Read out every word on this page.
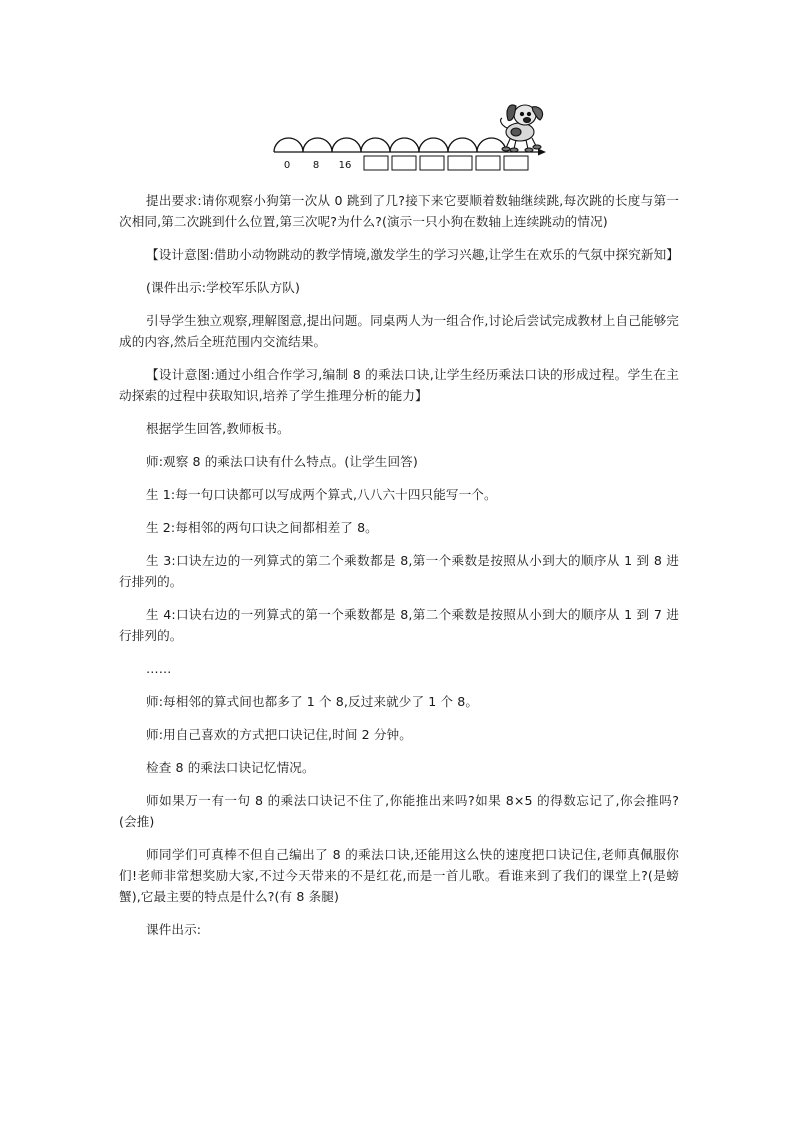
0 8 16

提出要求:请你观察小狗第一次从 0 跳到了几?接下来它要顺着数轴继续跳,每次跳的长度与第一次相同,第二次跳到什么位置,第三次呢?为什么?(演示一只小狗在数轴上连续跳动的情况)

【设计意图:借助小动物跳动的教学情境,激发学生的学习兴趣,让学生在欢乐的气氛中探究新知】

(课件出示:学校军乐队方队)

引导学生独立观察,理解图意,提出问题。同桌两人为一组合作,讨论后尝试完成教材上自己能够完成的内容,然后全班范围内交流结果。

【设计意图:通过小组合作学习,编制 8 的乘法口诀,让学生经历乘法口诀的形成过程。学生在主动探索的过程中获取知识,培养了学生推理分析的能力】

根据学生回答,教师板书。

师:观察 8 的乘法口诀有什么特点。(让学生回答)

生 1:每一句口诀都可以写成两个算式,八八六十四只能写一个。

生 2:每相邻的两句口诀之间都相差了 8。

生 3:口诀左边的一列算式的第二个乘数都是 8,第一个乘数是按照从小到大的顺序从 1 到 8 进行排列的。

生 4:口诀右边的一列算式的第一个乘数都是 8,第二个乘数是按照从小到大的顺序从 1 到 7 进行排列的。

……

师:每相邻的算式间也都多了 1 个 8,反过来就少了 1 个 8。

师:用自己喜欢的方式把口诀记住,时间 2 分钟。

检查 8 的乘法口诀记忆情况。

师如果万一有一句 8 的乘法口诀记不住了,你能推出来吗?如果 8×5 的得数忘记了,你会推吗?(会推)

师同学们可真棒不但自己编出了 8 的乘法口诀,还能用这么快的速度把口诀记住,老师真佩服你们!老师非常想奖励大家,不过今天带来的不是红花,而是一首儿歌。看谁来到了我们的课堂上?(是螃蟹),它最主要的特点是什么?(有 8 条腿)

课件出示:
